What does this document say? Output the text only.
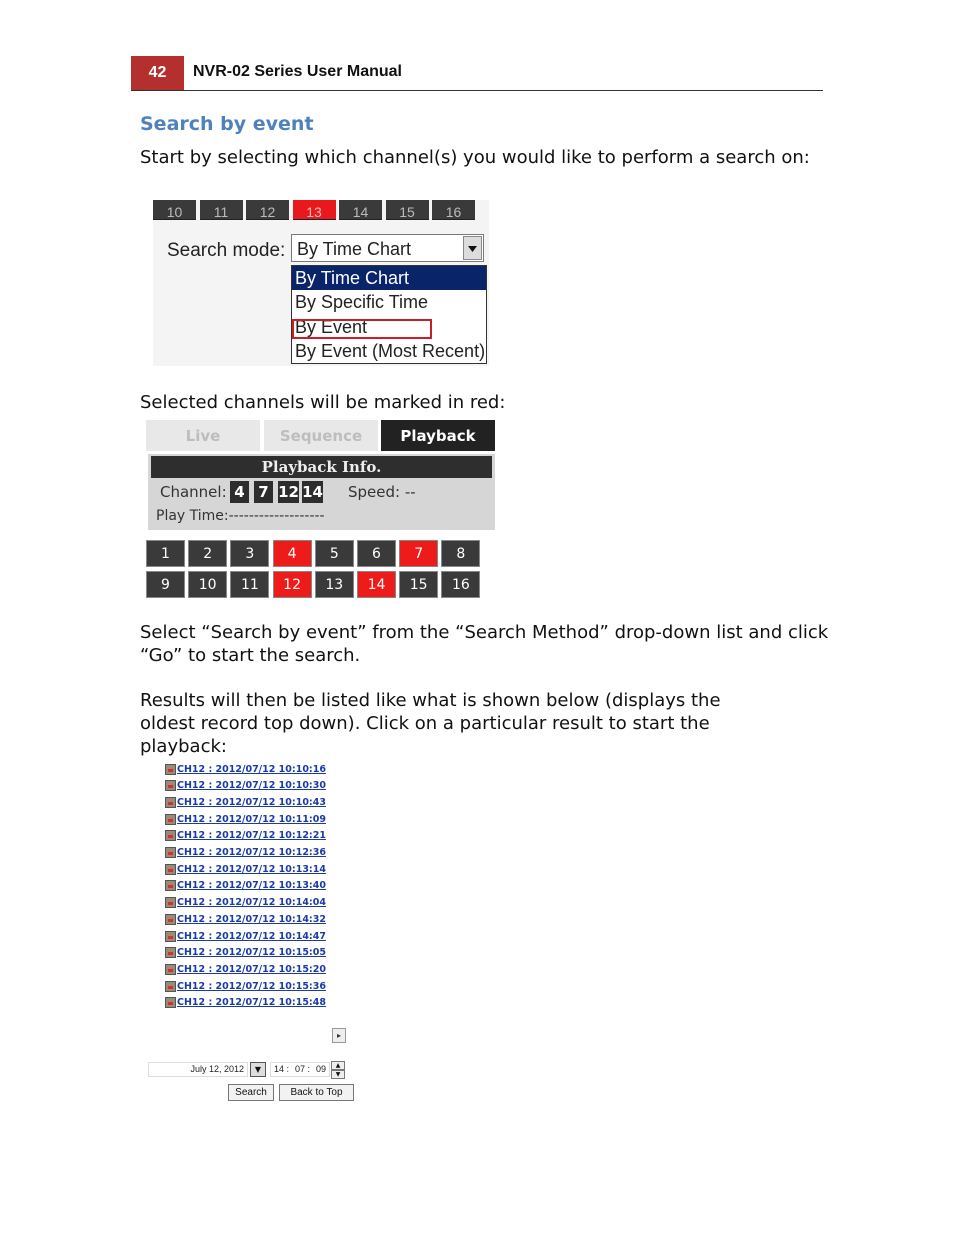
42	NVR-02 Series User Manual
Search by event
Start by selecting which channel(s) you would like to perform a search on:
10	11	12	13	14	15	16
Search mode: By Time Chart
By Time Chart
By Specific Time
By Event
By Event (Most Recent)
Selected channels will be marked in red:
Live	Sequence	Playback
Playback Info.
Channel: 4 7 12 14 Speed: --
Play Time:-------------------
1	2	3	4	5	6	7	8
9	10	11	12	13	14	15	16
Select “Search by event” from the “Search Method” drop-down list and click “Go” to start the search.
Results will then be listed like what is shown below (displays the oldest record top down). Click on a particular result to start the playback:
CH12 : 2012/07/12 10:10:16
CH12 : 2012/07/12 10:10:30
CH12 : 2012/07/12 10:10:43
CH12 : 2012/07/12 10:11:09
CH12 : 2012/07/12 10:12:21
CH12 : 2012/07/12 10:12:36
CH12 : 2012/07/12 10:13:14
CH12 : 2012/07/12 10:13:40
CH12 : 2012/07/12 10:14:04
CH12 : 2012/07/12 10:14:32
CH12 : 2012/07/12 10:14:47
CH12 : 2012/07/12 10:15:05
CH12 : 2012/07/12 10:15:20
CH12 : 2012/07/12 10:15:36
CH12 : 2012/07/12 10:15:48
▸
July 12, 2012	▼ 14 : 07 : 09 ▲
▼
Search	Back to Top
